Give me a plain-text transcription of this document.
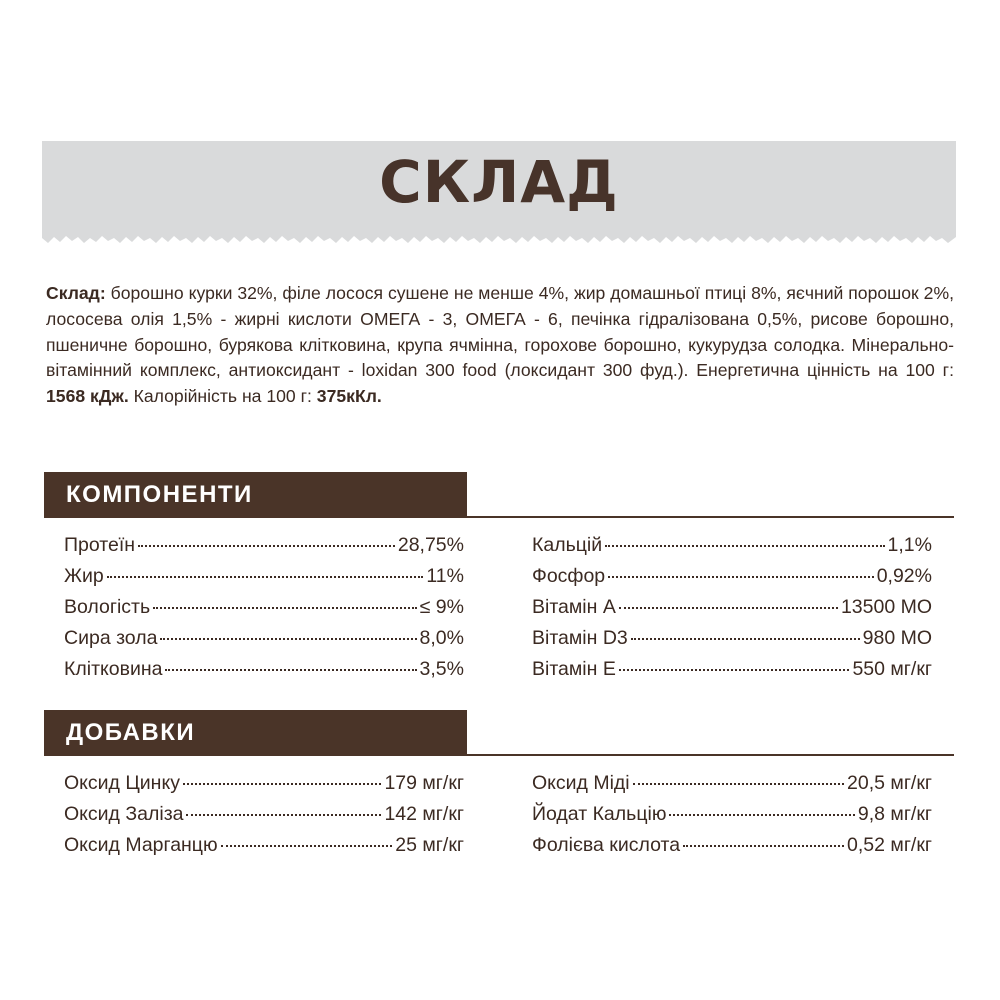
СКЛАД

Склад: борошно курки 32%, філе лосося сушене не менше 4%, жир домашньої птиці 8%, яєчний порошок 2%, лососева олія 1,5% - жирні кислоти ОМЕГА - 3, ОМЕГА - 6, печінка гідралізована 0,5%, рисове борошно, пшеничне борошно, бурякова клітковина, крупа ячмінна, горохове борошно, кукурудза солодка. Мінерально-вітамінний комплекс, антиоксидант - loxidan 300 food (локсидант 300 фуд.). Енергетична цінність на 100 г: 1568 кДж. Калорійність на 100 г: 375кКл.

КОМПОНЕНТИ
Протеїн	28,75%
Жир	11%
Вологість	≤ 9%
Сира зола	8,0%
Клітковина	3,5%
Кальцій	1,1%
Фосфор	0,92%
Вітамін А	13500 МО
Вітамін D3	980 МО
Вітамін Е	550 мг/кг
ДОБАВКИ
Оксид Цинку	179 мг/кг
Оксид Заліза	142 мг/кг
Оксид Марганцю	25 мг/кг
Оксид Міді	20,5 мг/кг
Йодат Кальцію	9,8 мг/кг
Фолієва кислота	0,52 мг/кг
